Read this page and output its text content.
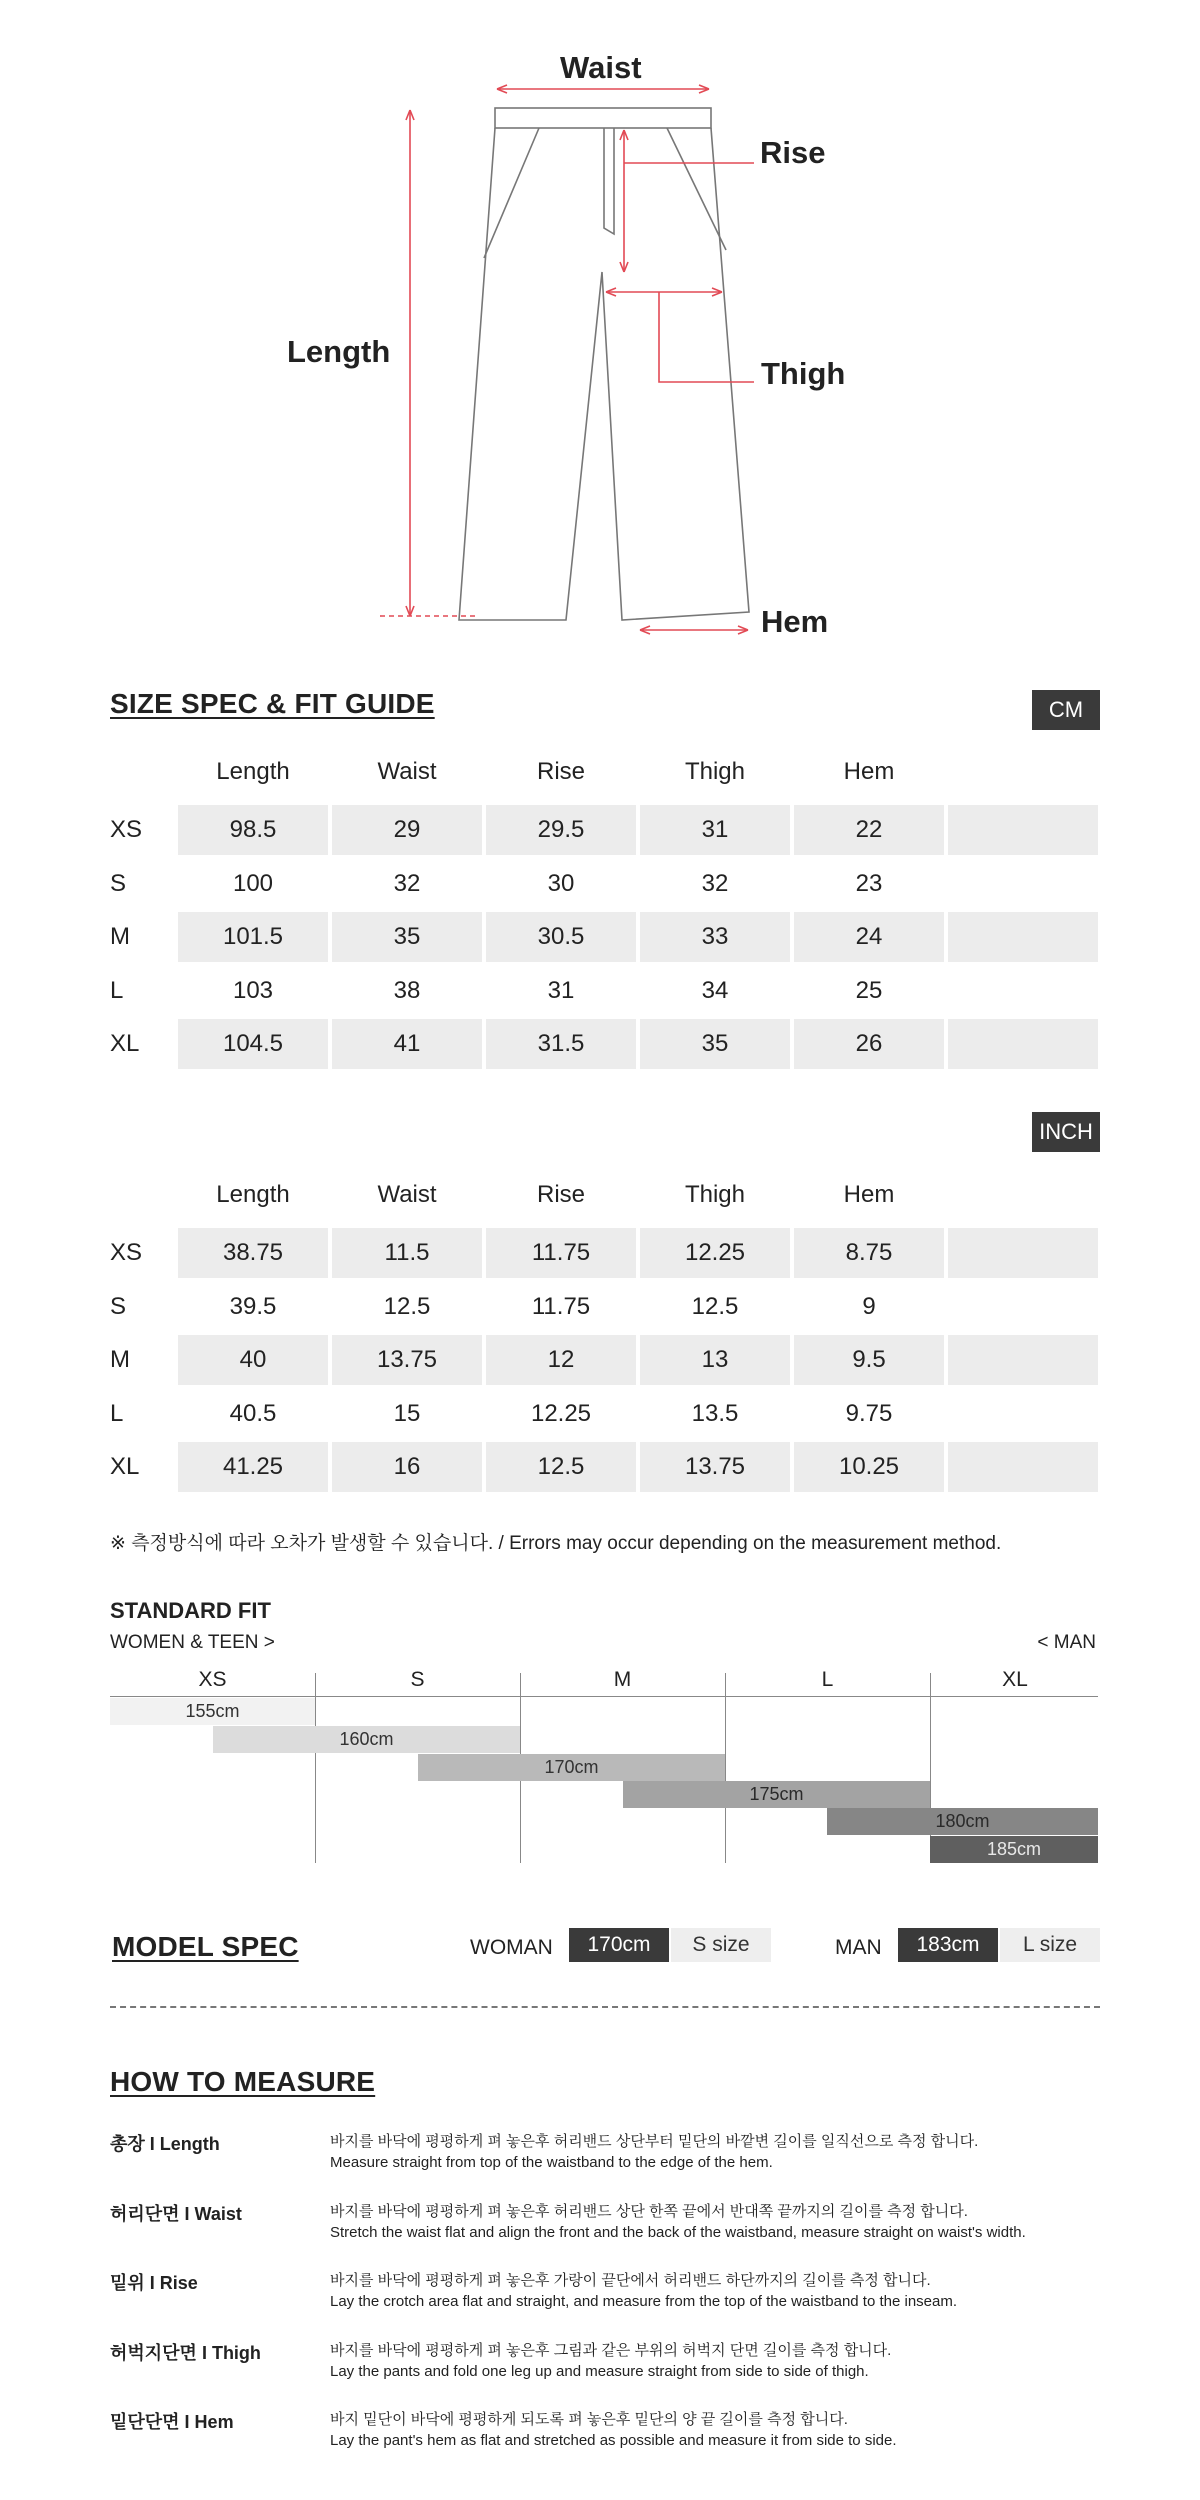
Waist
Rise
Length
Thigh
Hem
SIZE SPEC & FIT GUIDE	CM
Length	Waist	Rise	Thigh	Hem
XS	98.5	29	29.5	31	22
S	100	32	30	32	23
M	101.5	35	30.5	33	24
L	103	38	31	34	25
XL	104.5	41	31.5	35	26
INCH
Length	Waist	Rise	Thigh	Hem
XS	38.75	11.5	11.75	12.25	8.75
S	39.5	12.5	11.75	12.5	9
M	40	13.75	12	13	9.5
L	40.5	15	12.25	13.5	9.75
XL	41.25	16	12.5	13.75	10.25
※ 측정방식에 따라 오차가 발생할 수 있습니다. / Errors may occur depending on the measurement method.
STANDARD FIT
WOMEN & TEEN >	< MAN
XS	S	M	L	XL
155cm
160cm
170cm
175cm
180cm
185cm
MODEL SPEC	WOMAN	170cm	S size	MAN	183cm	L size
HOW TO MEASURE
총장 I Length	바지를 바닥에 평평하게 펴 놓은후 허리밴드 상단부터 밑단의 바깥변 길이를 일직선으로 측정 합니다.
Measure straight from top of the waistband to the edge of the hem.
허리단면 I Waist	바지를 바닥에 평평하게 펴 놓은후 허리밴드 상단 한쪽 끝에서 반대쪽 끝까지의 길이를 측정 합니다.
Stretch the waist flat and align the front and the back of the waistband, measure straight on waist's width.
밑위 I Rise	바지를 바닥에 평평하게 펴 놓은후 가랑이 끝단에서 허리밴드 하단까지의 길이를 측정 합니다.
Lay the crotch area flat and straight, and measure from the top of the waistband to the inseam.
허벅지단면 I Thigh	바지를 바닥에 평평하게 펴 놓은후 그림과 같은 부위의 허벅지 단면 길이를 측정 합니다.
Lay the pants and fold one leg up and measure straight from side to side of thigh.
밑단단면 I Hem	바지 밑단이 바닥에 평평하게 되도록 펴 놓은후 밑단의 양 끝 길이를 측정 합니다.
Lay the pant's hem as flat and stretched as possible and measure it from side to side.
